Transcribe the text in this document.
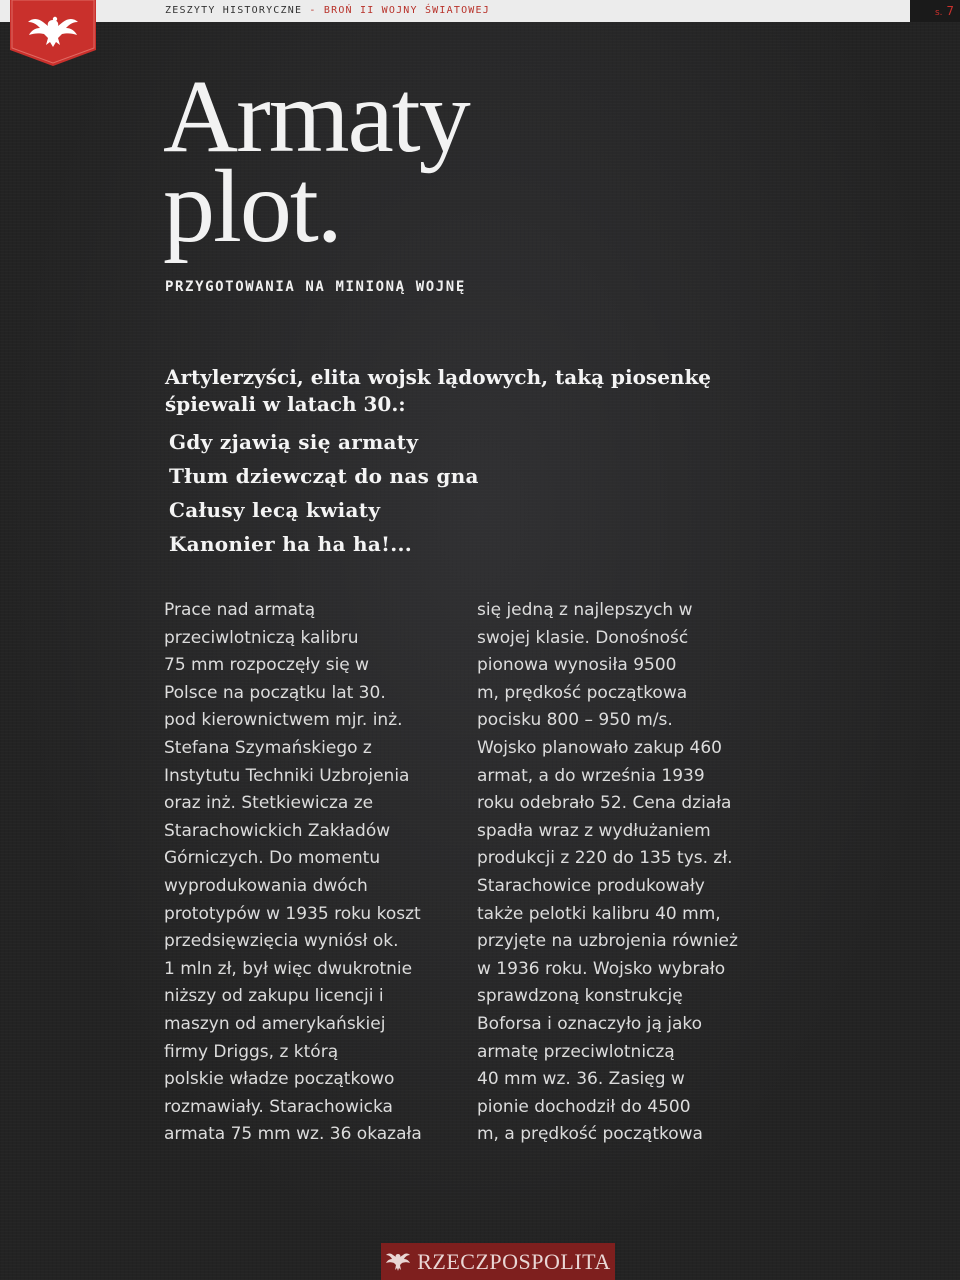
ZESZYTY HISTORYCZNE - BROŃ II WOJNY ŚWIATOWEJ	s. 7
Armaty
plot.
PRZYGOTOWANIA NA MINIONĄ WOJNĘ
Artylerzyści, elita wojsk lądowych, taką piosenkę śpiewali w latach 30.:
Gdy zjawią się armaty
Tłum dziewcząt do nas gna
Całusy lecą kwiaty
Kanonier ha ha ha!...
Prace nad armatą
przeciwlotniczą kalibru
75 mm rozpoczęły się w
Polsce na początku lat 30.
pod kierownictwem mjr. inż.
Stefana Szymańskiego z
Instytutu Techniki Uzbrojenia
oraz inż. Stetkiewicza ze
Starachowickich Zakładów
Górniczych. Do momentu
wyprodukowania dwóch
prototypów w 1935 roku koszt
przedsięwzięcia wyniósł ok.
1 mln zł, był więc dwukrotnie
niższy od zakupu licencji i
maszyn od amerykańskiej
firmy Driggs, z którą
polskie władze początkowo
rozmawiały. Starachowicka
armata 75 mm wz. 36 okazała
się jedną z najlepszych w
swojej klasie. Donośność
pionowa wynosiła 9500
m, prędkość początkowa
pocisku 800 – 950 m/s.
Wojsko planowało zakup 460
armat, a do września 1939
roku odebrało 52. Cena działa
spadła wraz z wydłużaniem
produkcji z 220 do 135 tys. zł.
Starachowice produkowały
także pelotki kalibru 40 mm,
przyjęte na uzbrojenia również
w 1936 roku. Wojsko wybrało
sprawdzoną konstrukcję
Boforsa i oznaczyło ją jako
armatę przeciwlotniczą
40 mm wz. 36. Zasięg w
pionie dochodził do 4500
m, a prędkość początkowa
RZECZPOSPOLITA
